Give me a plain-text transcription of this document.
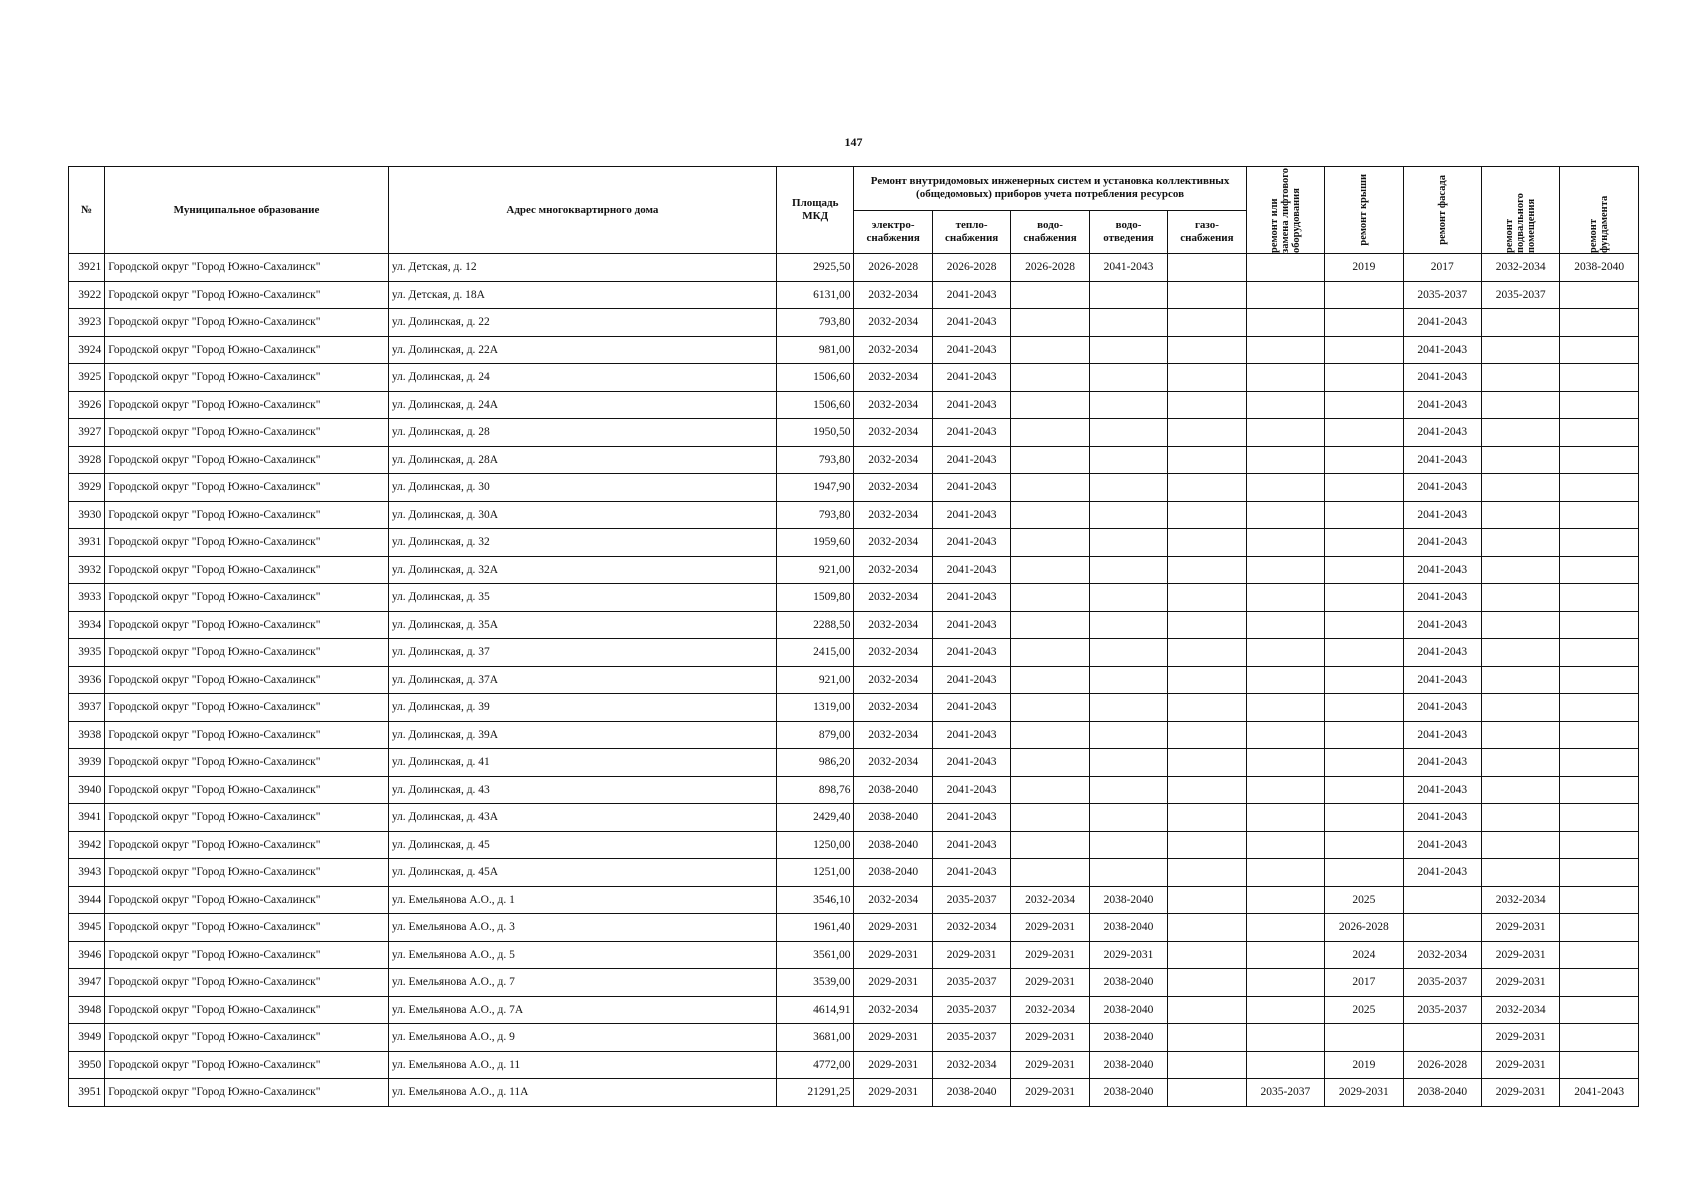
147
№	Муниципальное образование	Адрес многоквартирного дома	Площадь МКД	Ремонт внутридомовых инженерных систем и установка коллективных (общедомовых) приборов учета потребления ресурсов					ремонт или замена лифтового оборудования	ремонт крыши	ремонт фасада	ремонт подвального помещения	ремонт фундамента

				электро-снабжения	тепло-снабжения	водо-снабжения	водо-отведения	газо-снабжения					
3921	Городской округ "Город Южно-Сахалинск"	ул. Детская, д. 12	2925,50	2026-2028	2026-2028	2026-2028	2041-2043			2019	2017	2032-2034	2038-2040
3922	Городской округ "Город Южно-Сахалинск"	ул. Детская, д. 18А	6131,00	2032-2034	2041-2043						2035-2037	2035-2037	
3923	Городской округ "Город Южно-Сахалинск"	ул. Долинская, д. 22	793,80	2032-2034	2041-2043						2041-2043		
3924	Городской округ "Город Южно-Сахалинск"	ул. Долинская, д. 22А	981,00	2032-2034	2041-2043						2041-2043		
3925	Городской округ "Город Южно-Сахалинск"	ул. Долинская, д. 24	1506,60	2032-2034	2041-2043						2041-2043		
3926	Городской округ "Город Южно-Сахалинск"	ул. Долинская, д. 24А	1506,60	2032-2034	2041-2043						2041-2043		
3927	Городской округ "Город Южно-Сахалинск"	ул. Долинская, д. 28	1950,50	2032-2034	2041-2043						2041-2043		
3928	Городской округ "Город Южно-Сахалинск"	ул. Долинская, д. 28А	793,80	2032-2034	2041-2043						2041-2043		
3929	Городской округ "Город Южно-Сахалинск"	ул. Долинская, д. 30	1947,90	2032-2034	2041-2043						2041-2043		
3930	Городской округ "Город Южно-Сахалинск"	ул. Долинская, д. 30А	793,80	2032-2034	2041-2043						2041-2043		
3931	Городской округ "Город Южно-Сахалинск"	ул. Долинская, д. 32	1959,60	2032-2034	2041-2043						2041-2043		
3932	Городской округ "Город Южно-Сахалинск"	ул. Долинская, д. 32А	921,00	2032-2034	2041-2043						2041-2043		
3933	Городской округ "Город Южно-Сахалинск"	ул. Долинская, д. 35	1509,80	2032-2034	2041-2043						2041-2043		
3934	Городской округ "Город Южно-Сахалинск"	ул. Долинская, д. 35А	2288,50	2032-2034	2041-2043						2041-2043		
3935	Городской округ "Город Южно-Сахалинск"	ул. Долинская, д. 37	2415,00	2032-2034	2041-2043						2041-2043		
3936	Городской округ "Город Южно-Сахалинск"	ул. Долинская, д. 37А	921,00	2032-2034	2041-2043						2041-2043		
3937	Городской округ "Город Южно-Сахалинск"	ул. Долинская, д. 39	1319,00	2032-2034	2041-2043						2041-2043		
3938	Городской округ "Город Южно-Сахалинск"	ул. Долинская, д. 39А	879,00	2032-2034	2041-2043						2041-2043		
3939	Городской округ "Город Южно-Сахалинск"	ул. Долинская, д. 41	986,20	2032-2034	2041-2043						2041-2043		
3940	Городской округ "Город Южно-Сахалинск"	ул. Долинская, д. 43	898,76	2038-2040	2041-2043						2041-2043		
3941	Городской округ "Город Южно-Сахалинск"	ул. Долинская, д. 43А	2429,40	2038-2040	2041-2043						2041-2043		
3942	Городской округ "Город Южно-Сахалинск"	ул. Долинская, д. 45	1250,00	2038-2040	2041-2043						2041-2043		
3943	Городской округ "Город Южно-Сахалинск"	ул. Долинская, д. 45А	1251,00	2038-2040	2041-2043						2041-2043		
3944	Городской округ "Город Южно-Сахалинск"	ул. Емельянова А.О., д. 1	3546,10	2032-2034	2035-2037	2032-2034	2038-2040			2025		2032-2034	
3945	Городской округ "Город Южно-Сахалинск"	ул. Емельянова А.О., д. 3	1961,40	2029-2031	2032-2034	2029-2031	2038-2040			2026-2028		2029-2031	
3946	Городской округ "Город Южно-Сахалинск"	ул. Емельянова А.О., д. 5	3561,00	2029-2031	2029-2031	2029-2031	2029-2031			2024	2032-2034	2029-2031	
3947	Городской округ "Город Южно-Сахалинск"	ул. Емельянова А.О., д. 7	3539,00	2029-2031	2035-2037	2029-2031	2038-2040			2017	2035-2037	2029-2031	
3948	Городской округ "Город Южно-Сахалинск"	ул. Емельянова А.О., д. 7А	4614,91	2032-2034	2035-2037	2032-2034	2038-2040			2025	2035-2037	2032-2034	
3949	Городской округ "Город Южно-Сахалинск"	ул. Емельянова А.О., д. 9	3681,00	2029-2031	2035-2037	2029-2031	2038-2040					2029-2031	
3950	Городской округ "Город Южно-Сахалинск"	ул. Емельянова А.О., д. 11	4772,00	2029-2031	2032-2034	2029-2031	2038-2040			2019	2026-2028	2029-2031	
3951	Городской округ "Город Южно-Сахалинск"	ул. Емельянова А.О., д. 11А	21291,25	2029-2031	2038-2040	2029-2031	2038-2040		2035-2037	2029-2031	2038-2040	2029-2031	2041-2043
